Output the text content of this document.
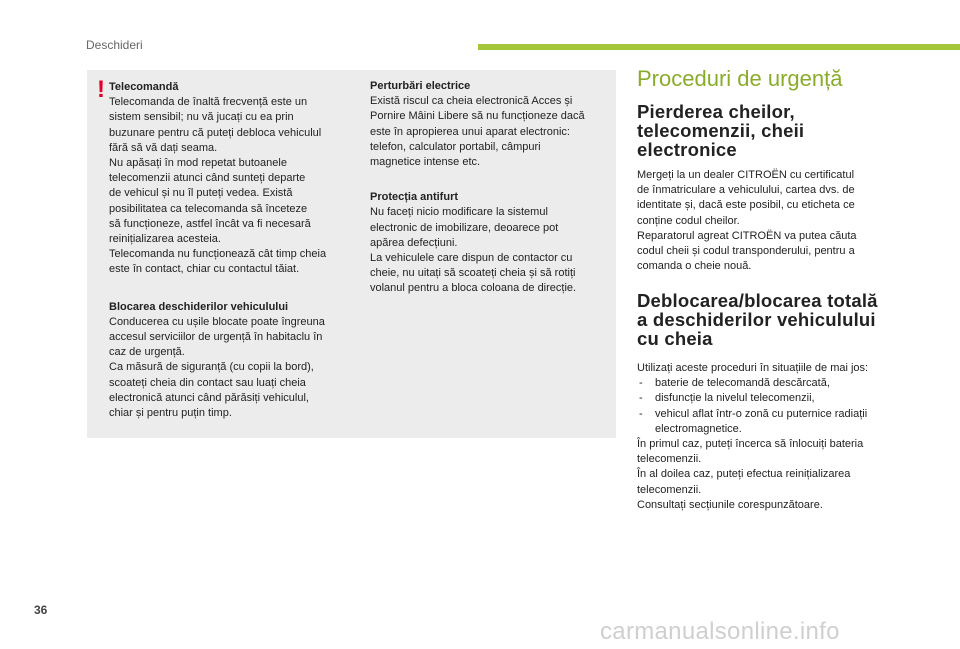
Deschideri
! Telecomandă
Telecomanda de înaltă frecvență este un
sistem sensibil; nu vă jucați cu ea prin
buzunare pentru că puteți debloca vehiculul
fără să vă dați seama.
Nu apăsați în mod repetat butoanele
telecomenzii atunci când sunteți departe
de vehicul și nu îl puteți vedea. Există
posibilitatea ca telecomanda să înceteze
să funcționeze, astfel încât va fi necesară
reinițializarea acesteia.
Telecomanda nu funcționează cât timp cheia
este în contact, chiar cu contactul tăiat.
Blocarea deschiderilor vehiculului
Conducerea cu ușile blocate poate îngreuna
accesul serviciilor de urgență în habitaclu în
caz de urgență.
Ca măsură de siguranță (cu copii la bord),
scoateți cheia din contact sau luați cheia
electronică atunci când părăsiți vehiculul,
chiar și pentru puțin timp.
Perturbări electrice
Există riscul ca cheia electronică Acces și
Pornire Mâini Libere să nu funcționeze dacă
este în apropierea unui aparat electronic:
telefon, calculator portabil, câmpuri
magnetice intense etc.
Protecția antifurt
Nu faceți nicio modificare la sistemul
electronic de imobilizare, deoarece pot
apărea defecțiuni.
La vehiculele care dispun de contactor cu
cheie, nu uitați să scoateți cheia și să rotiți
volanul pentru a bloca coloana de direcție.
Proceduri de urgență
Pierderea cheilor,
telecomenzii, cheii
electronice
Mergeți la un dealer CITROËN cu certificatul
de înmatriculare a vehiculului, cartea dvs. de
identitate și, dacă este posibil, cu eticheta ce
conține codul cheilor.
Reparatorul agreat CITROËN va putea căuta
codul cheii și codul transponderului, pentru a
comanda o cheie nouă.
Deblocarea/blocarea totală
a deschiderilor vehiculului
cu cheia
Utilizați aceste proceduri în situațiile de mai jos:
- baterie de telecomandă descărcată,
- disfuncție la nivelul telecomenzii,
- vehicul aflat într-o zonă cu puternice radiații
electromagnetice.
În primul caz, puteți încerca să înlocuiți bateria
telecomenzii.
În al doilea caz, puteți efectua reinițializarea
telecomenzii.
Consultați secțiunile corespunzătoare.
36
carmanualsonline.info
